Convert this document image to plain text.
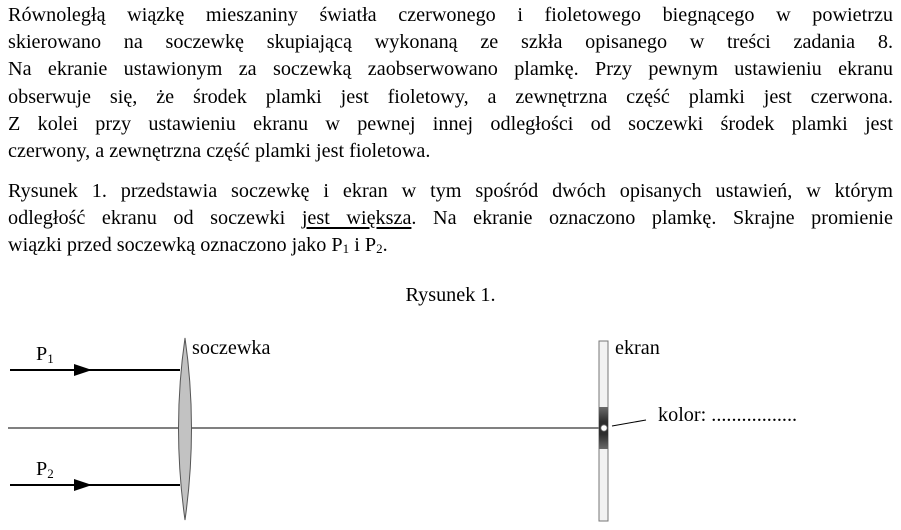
Równoległą wiązkę mieszaniny światła czerwonego i fioletowego biegnącego w powietrzu
skierowano na soczewkę skupiającą wykonaną ze szkła opisanego w treści zadania 8.
Na ekranie ustawionym za soczewką zaobserwowano plamkę. Przy pewnym ustawieniu ekranu
obserwuje się, że środek plamki jest fioletowy, a zewnętrzna część plamki jest czerwona.
Z kolei przy ustawieniu ekranu w pewnej innej odległości od soczewki środek plamki jest
czerwony, a zewnętrzna część plamki jest fioletowa.
Rysunek 1. przedstawia soczewkę i ekran w tym spośród dwóch opisanych ustawień, w którym
odległość ekranu od soczewki jest większa. Na ekranie oznaczono plamkę. Skrajne promienie
wiązki przed soczewką oznaczono jako $P_1$ i $P_2$.
Rysunek 1.
P1
P2
soczewka	ekran
kolor: .................
